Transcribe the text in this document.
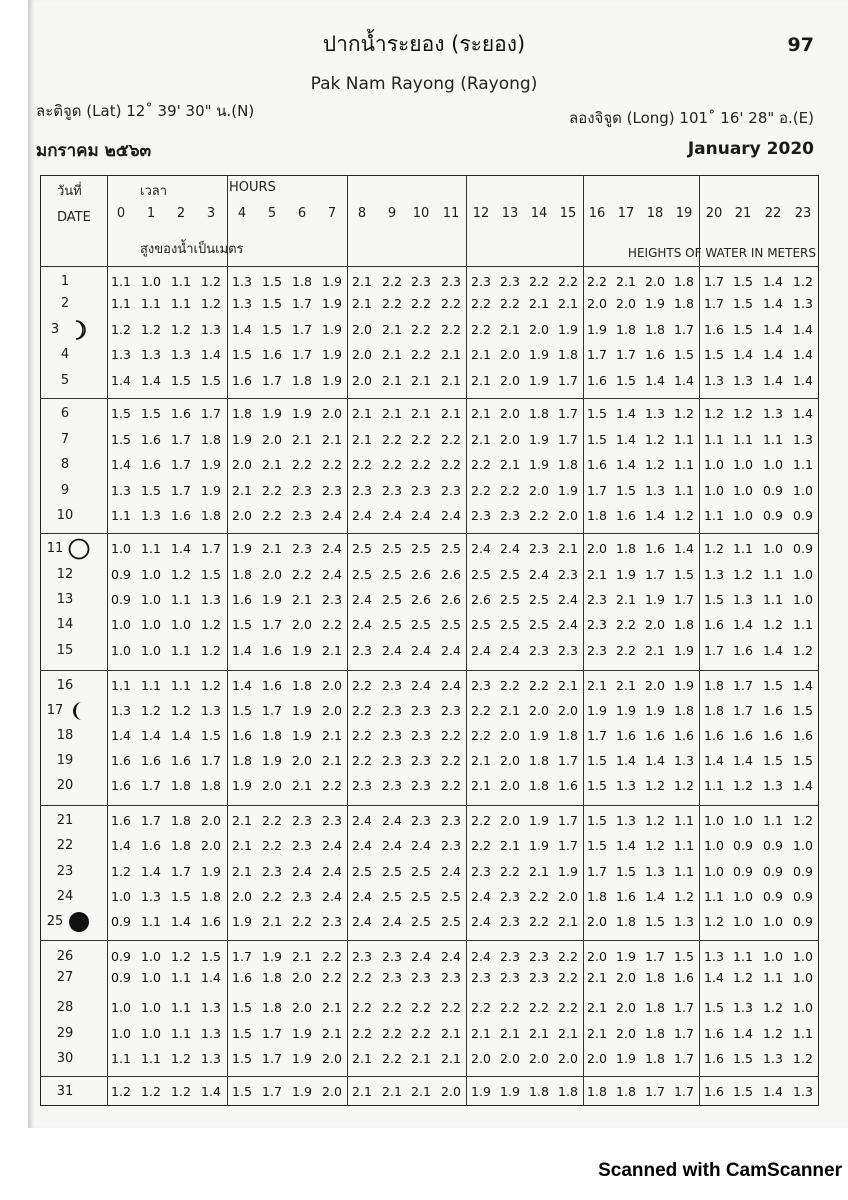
ปากน้ำระยอง (ระยอง)
Pak Nam Rayong (Rayong)
97
ละติจูด (Lat) 12˚ 39' 30" น.(N)	ลองจิจูด (Long) 101˚ 16' 28" อ.(E)
มกราคม ๒๕๖๓	January 2020
วันที่
DATE
เวลา	HOURS
สูงของน้ำเป็นเมตร	HEIGHTS OF WATER IN METERS
0	1	2	3	4	5	6	7	8	9	10	11	12 13 14 15 16 17 18 19	20 21	22	23
1	1.1 1.0 1.1 1.2 1.3 1.5 1.8 1.9 2.1 2.2 2.3 2.3 2.3 2.3 2.2 2.2 2.2 2.1 2.0 1.8 1.7 1.5 1.4 1.2
2	1.1 1.1 1.1 1.2 1.3 1.5 1.7 1.9 2.1 2.2 2.2 2.2 2.2 2.2 2.1 2.1 2.0 2.0 1.9 1.8 1.7 1.5 1.4 1.3
3	1.2 1.2 1.2 1.3 1.4 1.5 1.7 1.9 2.0 2.1 2.2 2.2 2.2 2.1 2.0 1.9 1.9 1.8 1.8 1.7 1.6 1.5 1.4 1.4
4	1.3 1.3 1.3 1.4 1.5 1.6 1.7 1.9 2.0 2.1 2.2 2.1 2.1 2.0 1.9 1.8 1.7 1.7 1.6 1.5 1.5 1.4 1.4 1.4
5	1.4 1.4 1.5 1.5 1.6 1.7 1.8 1.9 2.0 2.1 2.1 2.1 2.1 2.0 1.9 1.7 1.6 1.5 1.4 1.4 1.3 1.3 1.4 1.4
6	1.5 1.5 1.6 1.7 1.8 1.9 1.9 2.0 2.1 2.1 2.1 2.1 2.1 2.0 1.8 1.7 1.5 1.4 1.3 1.2 1.2 1.2 1.3 1.4
7	1.5 1.6 1.7 1.8 1.9 2.0 2.1 2.1 2.1 2.2 2.2 2.2 2.1 2.0 1.9 1.7 1.5 1.4 1.2 1.1 1.1 1.1 1.1 1.3
8	1.4 1.6 1.7 1.9 2.0 2.1 2.2 2.2 2.2 2.2 2.2 2.2 2.2 2.1 1.9 1.8 1.6 1.4 1.2 1.1 1.0 1.0 1.0 1.1
9	1.3 1.5 1.7 1.9 2.1 2.2 2.3 2.3 2.3 2.3 2.3 2.3 2.2 2.2 2.0 1.9 1.7 1.5 1.3 1.1 1.0 1.0 0.9 1.0
10	1.1 1.3 1.6 1.8 2.0 2.2 2.3 2.4 2.4 2.4 2.4 2.4 2.3 2.3 2.2 2.0 1.8 1.6 1.4 1.2 1.1 1.0 0.9 0.9
11	1.0 1.1 1.4 1.7 1.9 2.1 2.3 2.4 2.5 2.5 2.5 2.5 2.4 2.4 2.3 2.1 2.0 1.8 1.6 1.4 1.2 1.1 1.0 0.9
12	0.9 1.0 1.2 1.5 1.8 2.0 2.2 2.4 2.5 2.5 2.6 2.6 2.5 2.5 2.4 2.3 2.1 1.9 1.7 1.5 1.3 1.2 1.1 1.0
13	0.9 1.0 1.1 1.3 1.6 1.9 2.1 2.3 2.4 2.5 2.6 2.6 2.6 2.5 2.5 2.4 2.3 2.1 1.9 1.7 1.5 1.3 1.1 1.0
14	1.0 1.0 1.0 1.2 1.5 1.7 2.0 2.2 2.4 2.5 2.5 2.5 2.5 2.5 2.5 2.4 2.3 2.2 2.0 1.8 1.6 1.4 1.2 1.1
15	1.0 1.0 1.1 1.2 1.4 1.6 1.9 2.1 2.3 2.4 2.4 2.4 2.4 2.4 2.3 2.3 2.3 2.2 2.1 1.9 1.7 1.6 1.4 1.2
16	1.1 1.1 1.1 1.2 1.4 1.6 1.8 2.0 2.2 2.3 2.4 2.4 2.3 2.2 2.2 2.1 2.1 2.1 2.0 1.9 1.8 1.7 1.5 1.4
17	1.3 1.2 1.2 1.3 1.5 1.7 1.9 2.0 2.2 2.3 2.3 2.3 2.2 2.1 2.0 2.0 1.9 1.9 1.9 1.8 1.8 1.7 1.6 1.5
18	1.4 1.4 1.4 1.5 1.6 1.8 1.9 2.1 2.2 2.3 2.3 2.2 2.2 2.0 1.9 1.8 1.7 1.6 1.6 1.6 1.6 1.6 1.6 1.6
19	1.6 1.6 1.6 1.7 1.8 1.9 2.0 2.1 2.2 2.3 2.3 2.2 2.1 2.0 1.8 1.7 1.5 1.4 1.4 1.3 1.4 1.4 1.5 1.5
20	1.6 1.7 1.8 1.8 1.9 2.0 2.1 2.2 2.3 2.3 2.3 2.2 2.1 2.0 1.8 1.6 1.5 1.3 1.2 1.2 1.1 1.2 1.3 1.4
21	1.6 1.7 1.8 2.0 2.1 2.2 2.3 2.3 2.4 2.4 2.3 2.3 2.2 2.0 1.9 1.7 1.5 1.3 1.2 1.1 1.0 1.0 1.1 1.2
22	1.4 1.6 1.8 2.0 2.1 2.2 2.3 2.4 2.4 2.4 2.4 2.3 2.2 2.1 1.9 1.7 1.5 1.4 1.2 1.1 1.0 0.9 0.9 1.0
23	1.2 1.4 1.7 1.9 2.1 2.3 2.4 2.4 2.5 2.5 2.5 2.4 2.3 2.2 2.1 1.9 1.7 1.5 1.3 1.1 1.0 0.9 0.9 0.9
24	1.0 1.3 1.5 1.8 2.0 2.2 2.3 2.4 2.4 2.5 2.5 2.5 2.4 2.3 2.2 2.0 1.8 1.6 1.4 1.2 1.1 1.0 0.9 0.9
25	0.9 1.1 1.4 1.6 1.9 2.1 2.2 2.3 2.4 2.4 2.5 2.5 2.4 2.3 2.2 2.1 2.0 1.8 1.5 1.3 1.2 1.0 1.0 0.9
26	0.9 1.0 1.2 1.5 1.7 1.9 2.1 2.2 2.3 2.3 2.4 2.4 2.4 2.3 2.3 2.2 2.0 1.9 1.7 1.5 1.3 1.1 1.0 1.0
27	0.9 1.0 1.1 1.4 1.6 1.8 2.0 2.2 2.2 2.3 2.3 2.3 2.3 2.3 2.3 2.2 2.1 2.0 1.8 1.6 1.4 1.2 1.1 1.0
28	1.0 1.0 1.1 1.3 1.5 1.8 2.0 2.1 2.2 2.2 2.2 2.2 2.2 2.2 2.2 2.2 2.1 2.0 1.8 1.7 1.5 1.3 1.2 1.0
29	1.0 1.0 1.1 1.3 1.5 1.7 1.9 2.1 2.2 2.2 2.2 2.1 2.1 2.1 2.1 2.1 2.1 2.0 1.8 1.7 1.6 1.4 1.2 1.1
30	1.1 1.1 1.2 1.3 1.5 1.7 1.9 2.0 2.1 2.2 2.1 2.1 2.0 2.0 2.0 2.0 2.0 1.9 1.8 1.7 1.6 1.5 1.3 1.2
31	1.2 1.2 1.2 1.4 1.5 1.7 1.9 2.0 2.1 2.1 2.1 2.0 1.9 1.9 1.8 1.8 1.8 1.8 1.7 1.7 1.6 1.5 1.4 1.3
Scanned with CamScanner
